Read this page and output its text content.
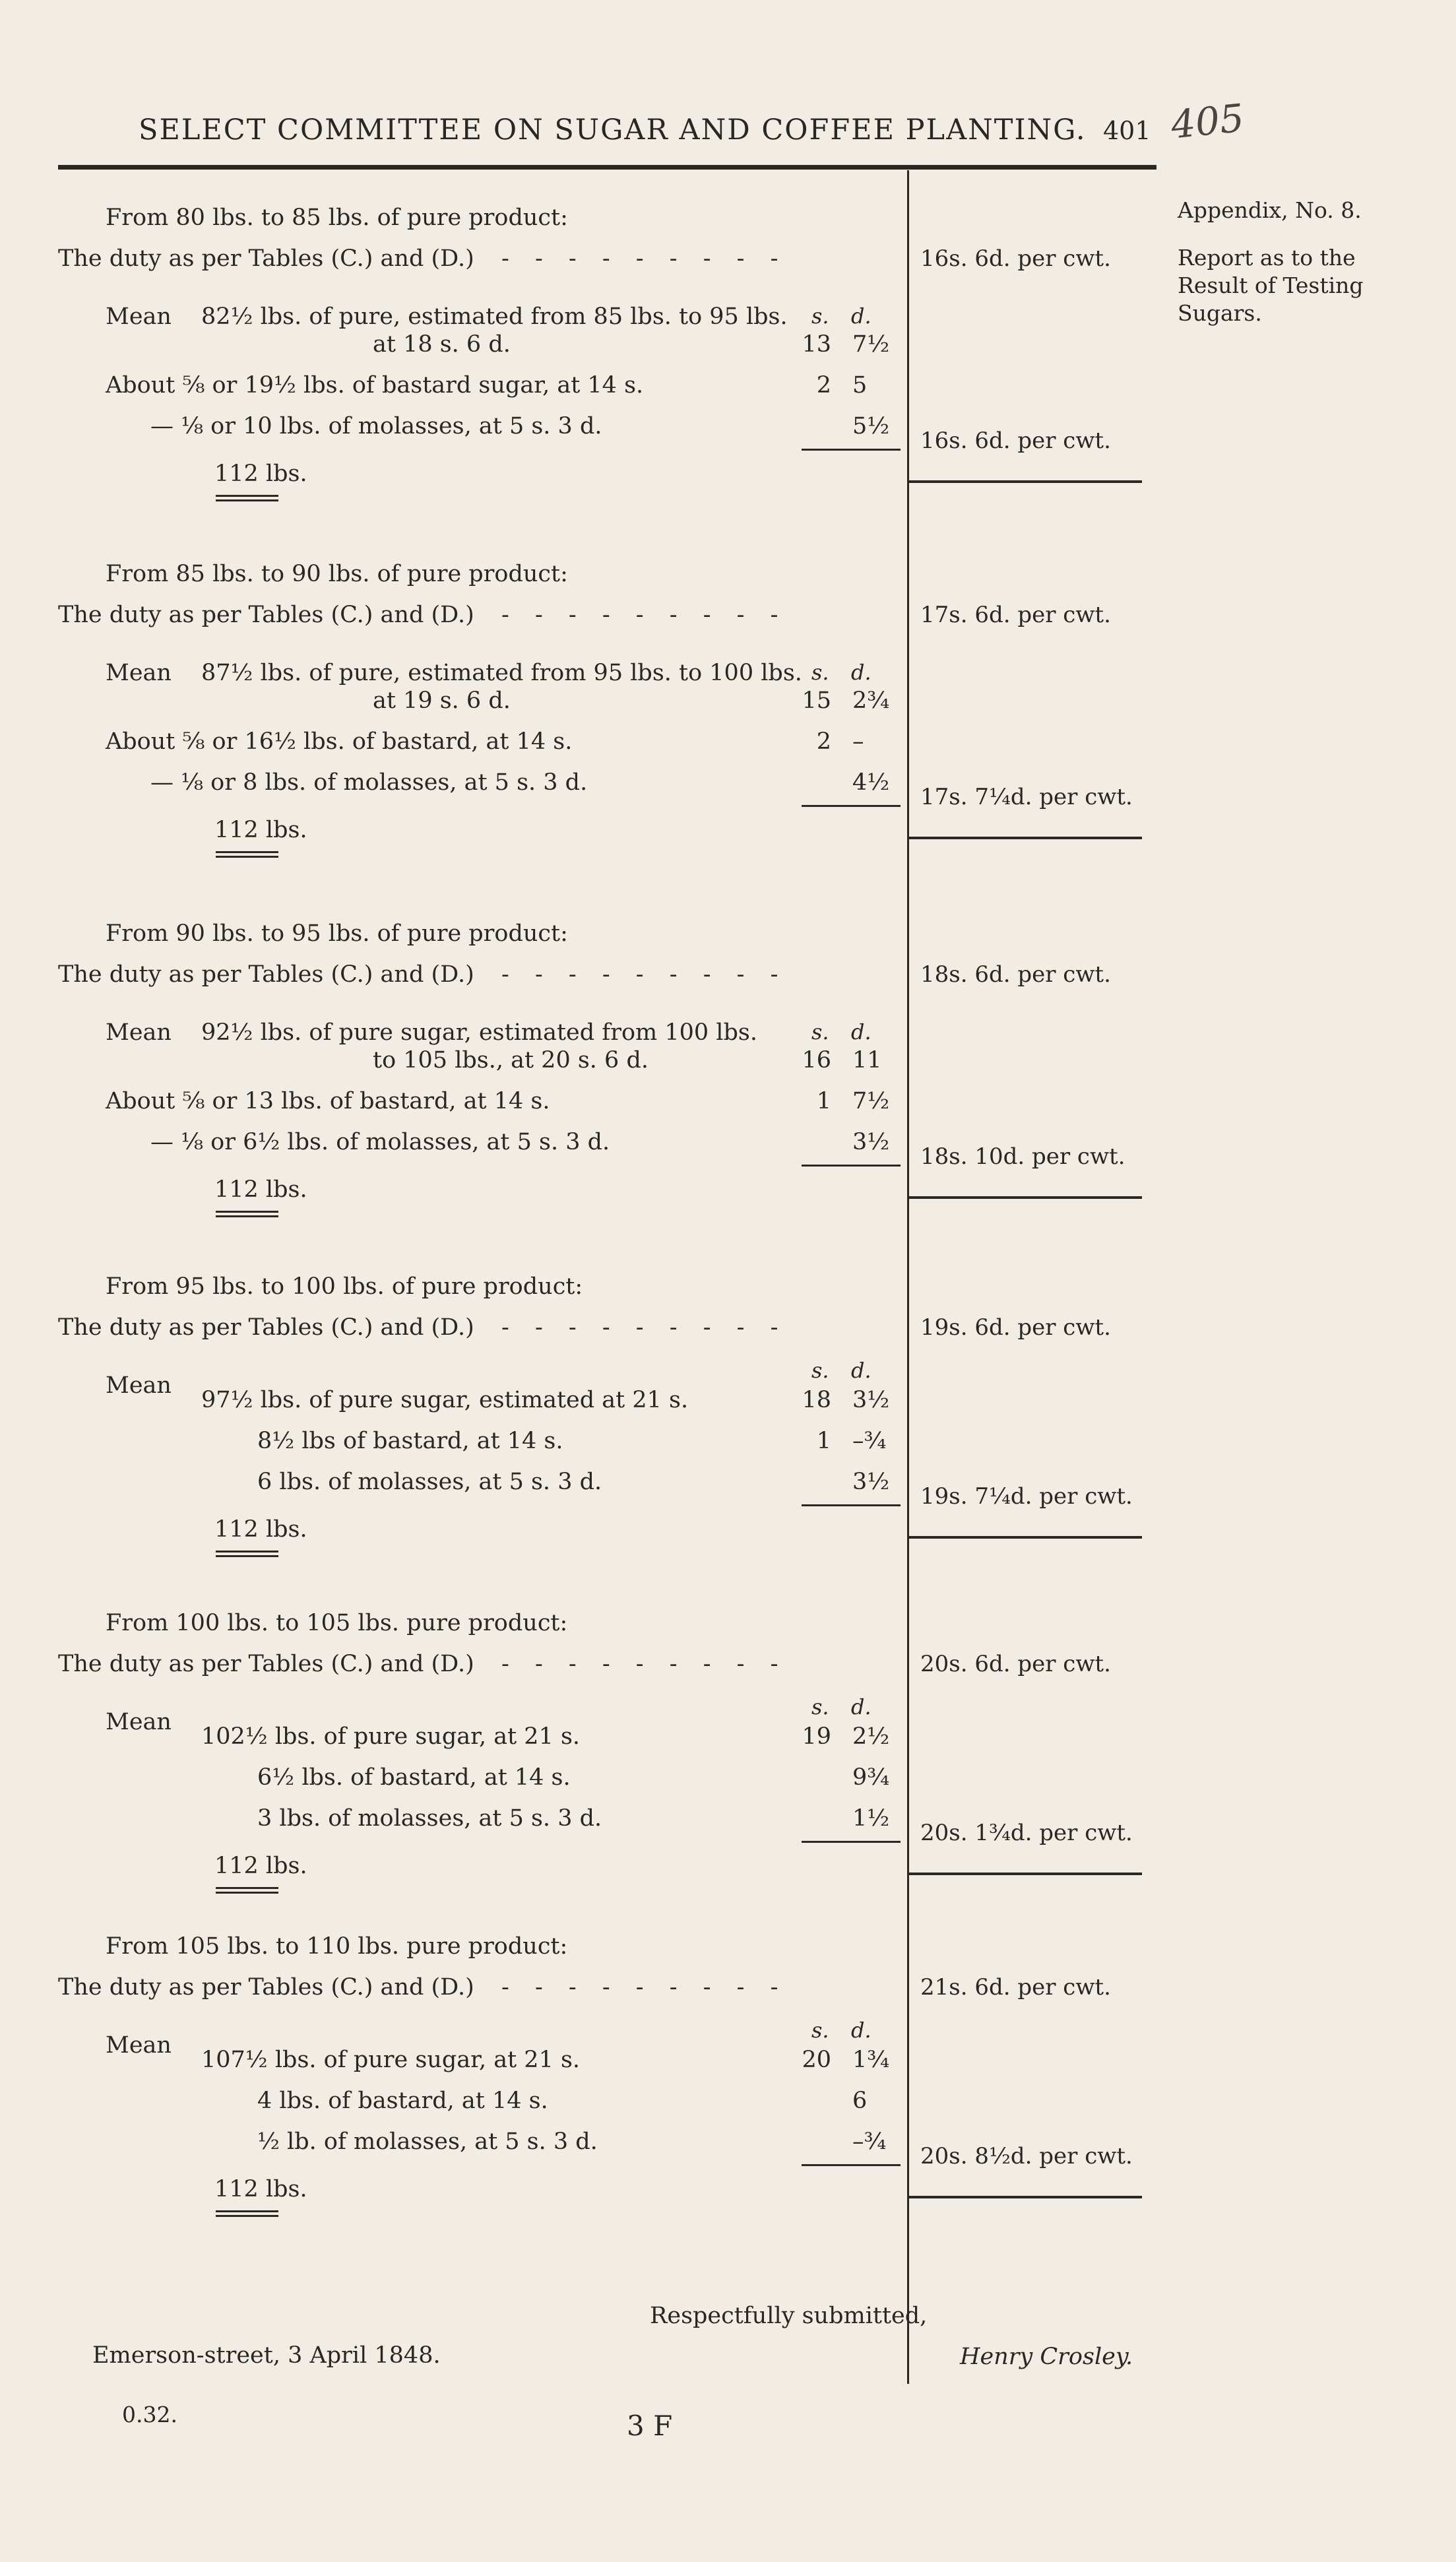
SELECT COMMITTEE ON SUGAR AND COFFEE PLANTING. 401 405
Appendix, No. 8.
Report as to the Result of Testing Sugars.
From 80 lbs. to 85 lbs. of pure product:
The duty as per Tables (C.) and (D.) - - - - - - - - -	16s. 6d. per cwt.
Mean	s. d.
82½ lbs. of pure, estimated from 85 lbs. to 95 lbs.
at 18 s. 6 d.	13 7½
About ⅝ or 19½ lbs. of bastard sugar, at 14 s.	2 5
— ⅛ or 10 lbs. of molasses, at 5 s. 3 d.	5½
16s. 6d. per cwt.
112 lbs.
From 85 lbs. to 90 lbs. of pure product:
The duty as per Tables (C.) and (D.) - - - - - - - - -	17s. 6d. per cwt.
Mean	s. d.
87½ lbs. of pure, estimated from 95 lbs. to 100 lbs.
at 19 s. 6 d.	15 2¾
About ⅝ or 16½ lbs. of bastard, at 14 s.	2 –
— ⅛ or 8 lbs. of molasses, at 5 s. 3 d.	4½
17s. 7¼d. per cwt.
112 lbs.
From 90 lbs. to 95 lbs. of pure product:
The duty as per Tables (C.) and (D.) - - - - - - - - -	18s. 6d. per cwt.
Mean	s. d.
92½ lbs. of pure sugar, estimated from 100 lbs.
to 105 lbs., at 20 s. 6 d.	16 11
About ⅝ or 13 lbs. of bastard, at 14 s.	1 7½
— ⅛ or 6½ lbs. of molasses, at 5 s. 3 d.	3½
18s. 10d. per cwt.
112 lbs.
From 95 lbs. to 100 lbs. of pure product:
The duty as per Tables (C.) and (D.) - - - - - - - - -	19s. 6d. per cwt.
Mean
s. d.
97½ lbs. of pure sugar, estimated at 21 s.	18 3½
8½ lbs of bastard, at 14 s.	1 –¾
6 lbs. of molasses, at 5 s. 3 d.	3½
19s. 7¼d. per cwt.
112 lbs.
From 100 lbs. to 105 lbs. pure product:
The duty as per Tables (C.) and (D.) - - - - - - - - -	20s. 6d. per cwt.
Mean
s. d.
102½ lbs. of pure sugar, at 21 s.	19 2½
6½ lbs. of bastard, at 14 s.	9¾
3 lbs. of molasses, at 5 s. 3 d.	1½
20s. 1¾d. per cwt.
112 lbs.
From 105 lbs. to 110 lbs. pure product:
The duty as per Tables (C.) and (D.) - - - - - - - - -	21s. 6d. per cwt.
Mean
s. d.
107½ lbs. of pure sugar, at 21 s.	20 1¾
4 lbs. of bastard, at 14 s.	6
½ lb. of molasses, at 5 s. 3 d.	–¾
20s. 8½d. per cwt.
112 lbs.
Respectfully submitted,
Emerson-street, 3 April 1848.	Henry Crosley.
0.32.	3 F
